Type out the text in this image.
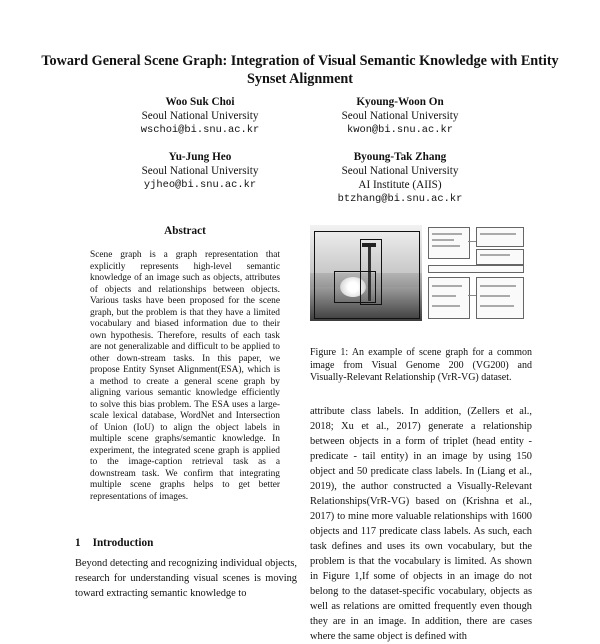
Toward General Scene Graph: Integration of Visual Semantic Knowledge with Entity Synset Alignment
Woo Suk Choi
Seoul National University
wschoi@bi.snu.ac.kr
Kyoung-Woon On
Seoul National University
kwon@bi.snu.ac.kr
Yu-Jung Heo
Seoul National University
yjheo@bi.snu.ac.kr
Byoung-Tak Zhang
Seoul National University
AI Institute (AIIS)
btzhang@bi.snu.ac.kr
Abstract
Scene graph is a graph representation that explicitly represents high-level semantic knowledge of an image such as objects, attributes of objects and relationships between objects. Various tasks have been proposed for the scene graph, but the problem is that they have a limited vocabulary and biased information due to their own hypothesis. Therefore, results of each task are not generalizable and difficult to be applied to other down-stream tasks. In this paper, we propose Entity Synset Alignment(ESA), which is a method to create a general scene graph by aligning various semantic knowledge efficiently to solve this bias problem. The ESA uses a large-scale lexical database, WordNet and Intersection of Union (IoU) to align the object labels in multiple scene graphs/semantic knowledge. In experiment, the integrated scene graph is applied to the image-caption retrieval task as a downstream task. We confirm that integrating multiple scene graphs helps to get better representations of images.
1 Introduction
Beyond detecting and recognizing individual objects, research for understanding visual scenes is moving toward extracting semantic knowledge to
Figure 1: An example of scene graph for a common image from Visual Genome 200 (VG200) and Visually-Relevant Relationship (VrR-VG) dataset.
attribute class labels. In addition, (Zellers et al., 2018; Xu et al., 2017) generate a relationship between objects in a form of triplet (head entity - predicate - tail entity) in an image by using 150 object and 50 predicate class labels. In (Liang et al., 2019), the author constructed a Visually-Relevant Relationships(VrR-VG) based on (Krishna et al., 2017) to mine more valuable relationships with 1600 objects and 117 predicate class labels. As such, each task defines and uses its own vocabulary, but the problem is that the vocabulary is limited. As shown in Figure 1,If some of objects in an image do not belong to the dataset-specific vocabulary, objects as well as relations are omitted frequently even though they are in an image. In addition, there are cases where the same object is defined with
